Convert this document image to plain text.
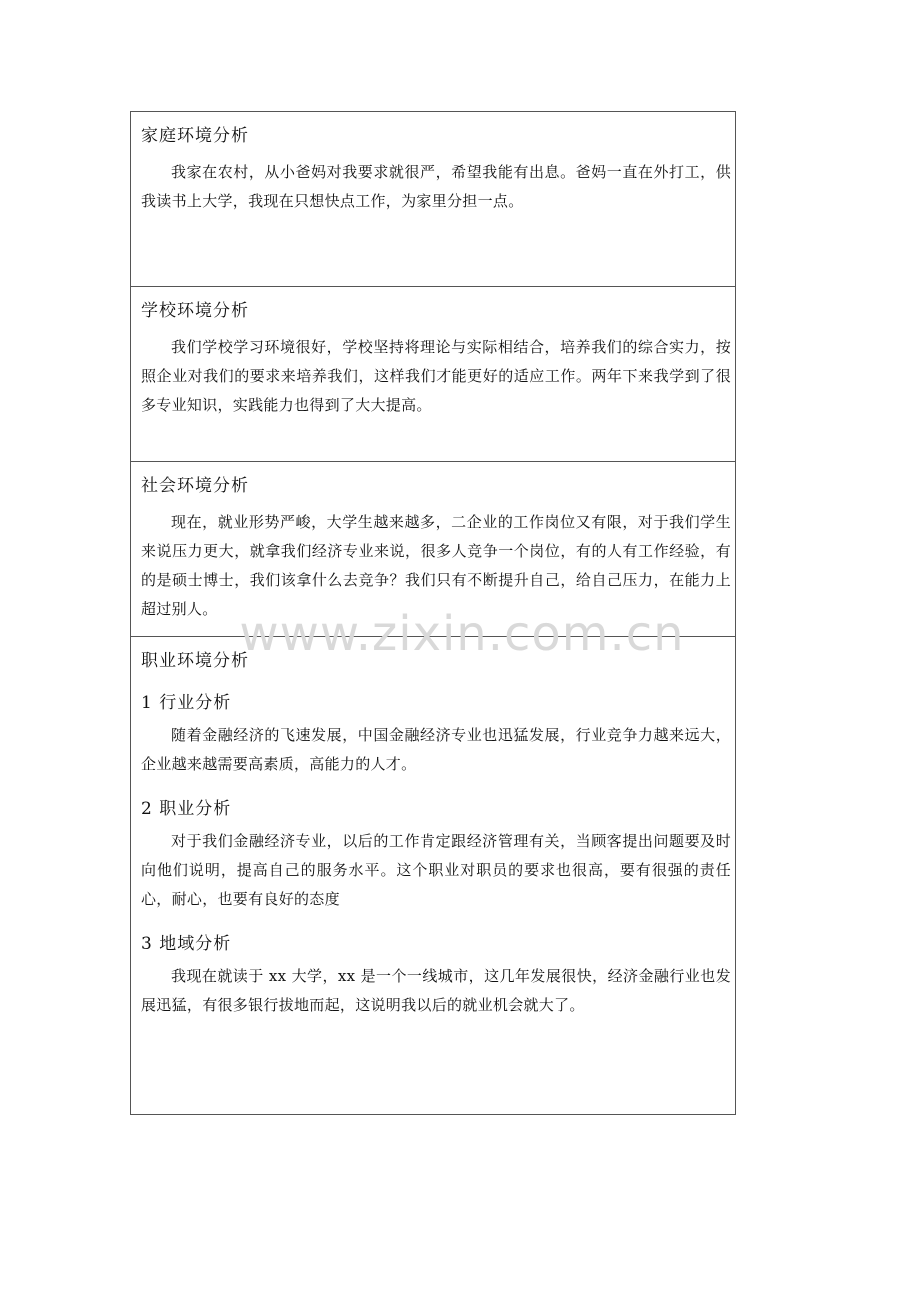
家庭环境分析

我家在农村，从小爸妈对我要求就很严，希望我能有出息。爸妈一直在外打工，供我读书上大学，我现在只想快点工作，为家里分担一点。

学校环境分析

我们学校学习环境很好，学校坚持将理论与实际相结合，培养我们的综合实力，按照企业对我们的要求来培养我们，这样我们才能更好的适应工作。两年下来我学到了很多专业知识，实践能力也得到了大大提高。

社会环境分析

现在，就业形势严峻，大学生越来越多，二企业的工作岗位又有限，对于我们学生来说压力更大，就拿我们经济专业来说，很多人竞争一个岗位，有的人有工作经验，有的是硕士博士，我们该拿什么去竞争？我们只有不断提升自己，给自己压力，在能力上超过别人。

职业环境分析
1 行业分析

随着金融经济的飞速发展，中国金融经济专业也迅猛发展，行业竞争力越来远大，企业越来越需要高素质，高能力的人才。

2 职业分析

对于我们金融经济专业，以后的工作肯定跟经济管理有关，当顾客提出问题要及时向他们说明，提高自己的服务水平。这个职业对职员的要求也很高，要有很强的责任心，耐心，也要有良好的态度

3 地域分析

我现在就读于 xx 大学，xx 是一个一线城市，这几年发展很快，经济金融行业也发展迅猛，有很多银行拔地而起，这说明我以后的就业机会就大了。

www.zixin.com.cn
